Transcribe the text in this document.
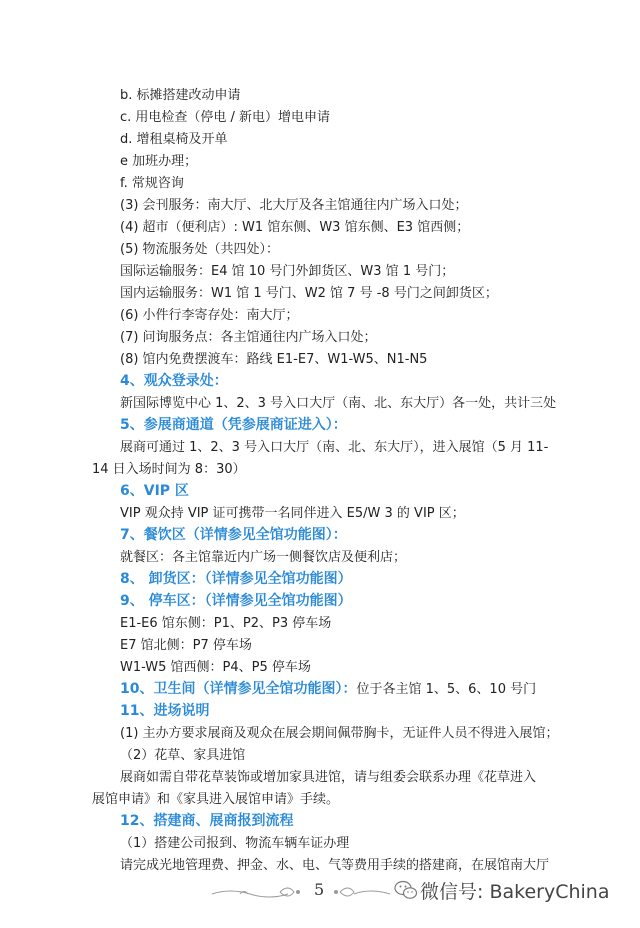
b. 标摊搭建改动申请
c. 用电检查（停电 / 新电）增电申请
d. 增租桌椅及开单
e 加班办理；
f. 常规咨询
(3) 会刊服务：南大厅、北大厅及各主馆通往内广场入口处；
(4) 超市（便利店）: W1 馆东侧、W3 馆东侧、E3 馆西侧；
(5) 物流服务处（共四处）：
国际运输服务：E4 馆 10 号门外卸货区、W3 馆 1 号门；
国内运输服务：W1 馆 1 号门、W2 馆 7 号 -8 号门之间卸货区；
(6) 小件行李寄存处：南大厅；
(7) 问询服务点：各主馆通往内广场入口处；
(8) 馆内免费摆渡车：路线 E1-E7、W1-W5、N1-N5
4、观众登录处：
新国际博览中心 1、2、3 号入口大厅（南、北、东大厅）各一处，共计三处
5、参展商通道（凭参展商证进入）：
展商可通过 1、2、3 号入口大厅（南、北、东大厅），进入展馆（5 月 11-
14 日入场时间为 8：30）
6、VIP 区
VIP 观众持 VIP 证可携带一名同伴进入 E5/W 3 的 VIP 区；
7、餐饮区（详情参见全馆功能图）：
就餐区：各主馆靠近内广场一侧餐饮店及便利店；
8、 卸货区：（详情参见全馆功能图）
9、 停车区：（详情参见全馆功能图）
E1-E6 馆东侧：P1、P2、P3 停车场
E7 馆北侧：P7 停车场
W1-W5 馆西侧：P4、P5 停车场
10、卫生间（详情参见全馆功能图）：位于各主馆 1、5、6、10 号门
11、进场说明
(1) 主办方要求展商及观众在展会期间佩带胸卡，无证件人员不得进入展馆；
（2）花草、家具进馆
展商如需自带花草装饰或增加家具进馆，请与组委会联系办理《花草进入
展馆申请》和《家具进入展馆申请》手续。
12、搭建商、展商报到流程
（1）搭建公司报到、物流车辆车证办理
请完成光地管理费、押金、水、电、气等费用手续的搭建商，在展馆南大厅
5	微信号: BakeryChina
